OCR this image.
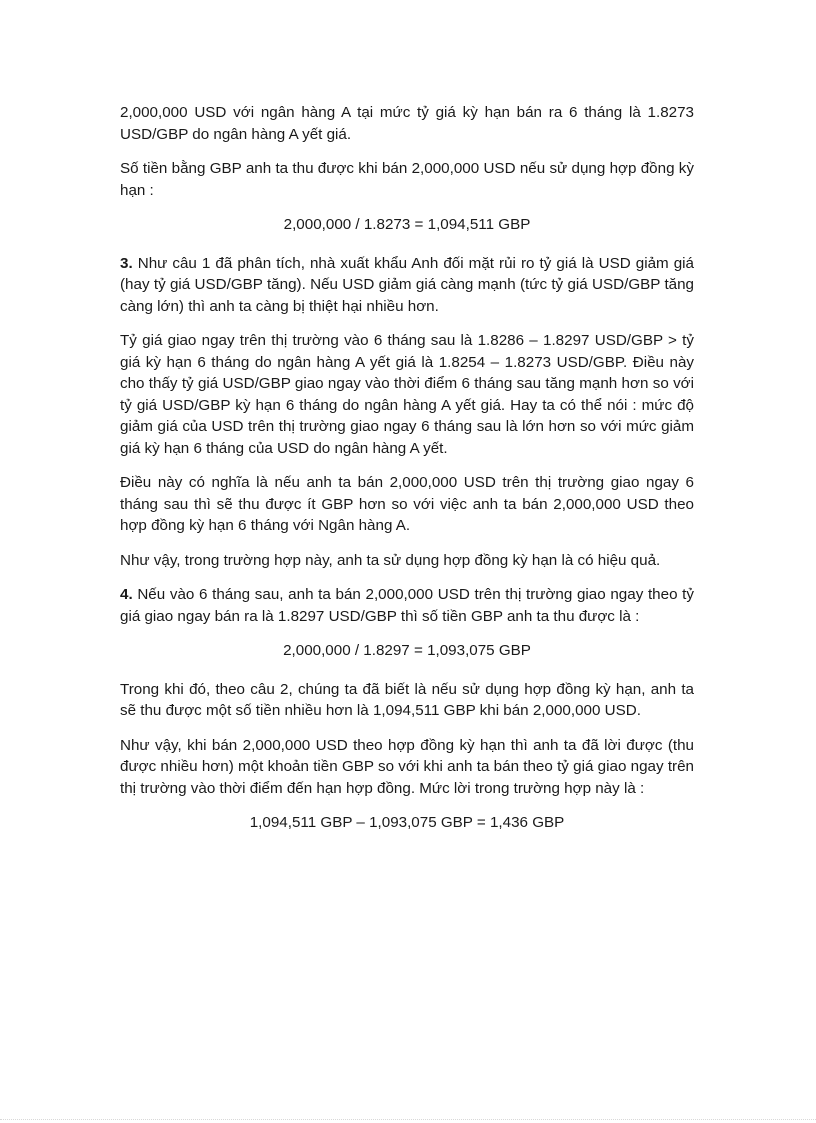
2,000,000 USD với ngân hàng A tại mức tỷ giá kỳ hạn bán ra 6 tháng là 1.8273 USD/GBP do ngân hàng A yết giá.

Số tiền bằng GBP anh ta thu được khi bán 2,000,000 USD nếu sử dụng hợp đồng kỳ hạn :

2,000,000 / 1.8273 = 1,094,511 GBP

3. Như câu 1 đã phân tích, nhà xuất khẩu Anh đối mặt rủi ro tỷ giá là USD giảm giá (hay tỷ giá USD/GBP tăng). Nếu USD giảm giá càng mạnh (tức tỷ giá USD/GBP tăng càng lớn) thì anh ta càng bị thiệt hại nhiều hơn.

Tỷ giá giao ngay trên thị trường vào 6 tháng sau là 1.8286 – 1.8297 USD/GBP > tỷ giá kỳ hạn 6 tháng do ngân hàng A yết giá là 1.8254 – 1.8273 USD/GBP. Điều này cho thấy tỷ giá USD/GBP giao ngay vào thời điểm 6 tháng sau tăng mạnh hơn so với tỷ giá USD/GBP kỳ hạn 6 tháng do ngân hàng A yết giá. Hay ta có thể nói : mức độ giảm giá của USD trên thị trường giao ngay 6 tháng sau là lớn hơn so với mức giảm giá kỳ hạn 6 tháng của USD do ngân hàng A yết.

Điều này có nghĩa là nếu anh ta bán 2,000,000 USD trên thị trường giao ngay 6 tháng sau thì sẽ thu được ít GBP hơn so với việc anh ta bán 2,000,000 USD theo hợp đồng kỳ hạn 6 tháng với Ngân hàng A.

Như vậy, trong trường hợp này, anh ta sử dụng hợp đồng kỳ hạn là có hiệu quả.

4. Nếu vào 6 tháng sau, anh ta bán 2,000,000 USD trên thị trường giao ngay theo tỷ giá giao ngay bán ra là 1.8297 USD/GBP thì số tiền GBP anh ta thu được là :

2,000,000 / 1.8297 = 1,093,075 GBP

Trong khi đó, theo câu 2, chúng ta đã biết là nếu sử dụng hợp đồng kỳ hạn, anh ta sẽ thu được một số tiền nhiều hơn là 1,094,511 GBP khi bán 2,000,000 USD.

Như vậy, khi bán 2,000,000 USD theo hợp đồng kỳ hạn thì anh ta đã lời được (thu được nhiều hơn) một khoản tiền GBP so với khi anh ta bán theo tỷ giá giao ngay trên thị trường vào thời điểm đến hạn hợp đồng. Mức lời trong trường hợp này là :

1,094,511 GBP – 1,093,075 GBP = 1,436 GBP
